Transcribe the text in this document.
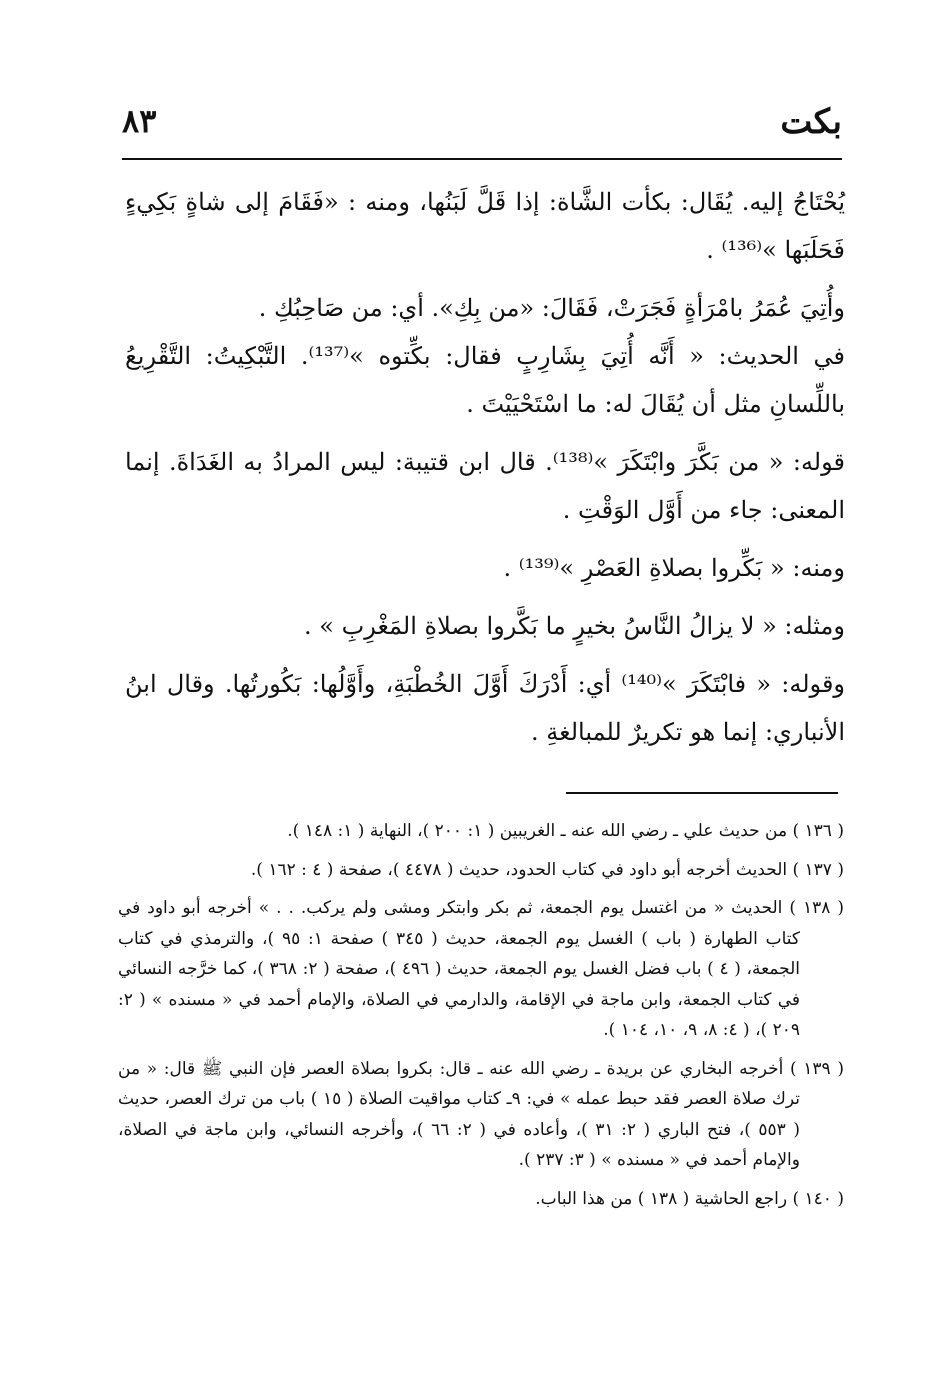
بكت
٨٣

يُحْتَاجُ إليه. يُقَال: بكأت الشَّاة: إذا قَلَّ لَبَنُها، ومنه : «فَقَامَ إلى شاةٍ بَكِيءٍ فَحَلَبَها »⁽¹³⁶⁾ .

وأُتِيَ عُمَرُ بامْرَأةٍ فَجَرَتْ، فَقَالَ: «من بِكِ». أي: من صَاحِبُكِ .

في الحديث: « أَنَّه أُتِيَ بِشَارِبٍ فقال: بكِّتوه »⁽¹³⁷⁾. التَّبْكِيتُ: التَّقْرِيعُ باللِّسانِ مثل أن يُقَالَ له: ما اسْتَحْيَيْتَ .

قوله: « من بَكَّرَ وابْتَكَرَ »⁽¹³⁸⁾. قال ابن قتيبة: ليس المرادُ به الغَدَاةَ. إنما المعنى: جاء من أَوَّل الوَقْتِ .

ومنه: « بَكِّروا بصلاةِ العَصْرِ »⁽¹³⁹⁾ .

ومثله: « لا يزالُ النَّاسُ بخيرٍ ما بَكَّروا بصلاةِ المَغْرِبِ » .

وقوله: « فابْتَكَرَ »⁽¹⁴⁰⁾ أي: أَدْرَكَ أَوَّلَ الخُطْبَةِ، وأَوَّلُها: بَكُورتُها. وقال ابنُ الأنباري: إنما هو تكريرٌ للمبالغةِ .

( ١٣٦ ) من حديث علي ـ رضي الله عنه ـ الغريبين ( ١: ٢٠٠ )، النهاية ( ١: ١٤٨ ).

( ١٣٧ ) الحديث أخرجه أبو داود في كتاب الحدود، حديث ( ٤٤٧٨ )، صفحة ( ٤ : ١٦٢ ).

( ١٣٨ ) الحديث « من اغتسل يوم الجمعة، ثم بكر وابتكر ومشى ولم يركب. . . » أخرجه أبو داود في كتاب الطهارة ( باب ) الغسل يوم الجمعة، حديث ( ٣٤٥ ) صفحة ١: ٩٥ )، والترمذي في كتاب الجمعة، ( ٤ ) باب فضل الغسل يوم الجمعة، حديث ( ٤٩٦ )، صفحة ( ٢: ٣٦٨ )، كما خرَّجه النسائي في كتاب الجمعة، وابن ماجة في الإقامة، والدارمي في الصلاة، والإمام أحمد في « مسنده » ( ٢: ٢٠٩ )، ( ٤: ٨، ٩، ١٠، ١٠٤ ).

( ١٣٩ ) أخرجه البخاري عن بريدة ـ رضي الله عنه ـ قال: بكروا بصلاة العصر فإن النبي ﷺ قال: « من ترك صلاة العصر فقد حبط عمله » في: ٩ـ كتاب مواقيت الصلاة ( ١٥ ) باب من ترك العصر، حديث ( ٥٥٣ )، فتح الباري ( ٢: ٣١ )، وأعاده في ( ٢: ٦٦ )، وأخرجه النسائي، وابن ماجة في الصلاة، والإمام أحمد في « مسنده » ( ٣: ٢٣٧ ).

( ١٤٠ ) راجع الحاشية ( ١٣٨ ) من هذا الباب.
